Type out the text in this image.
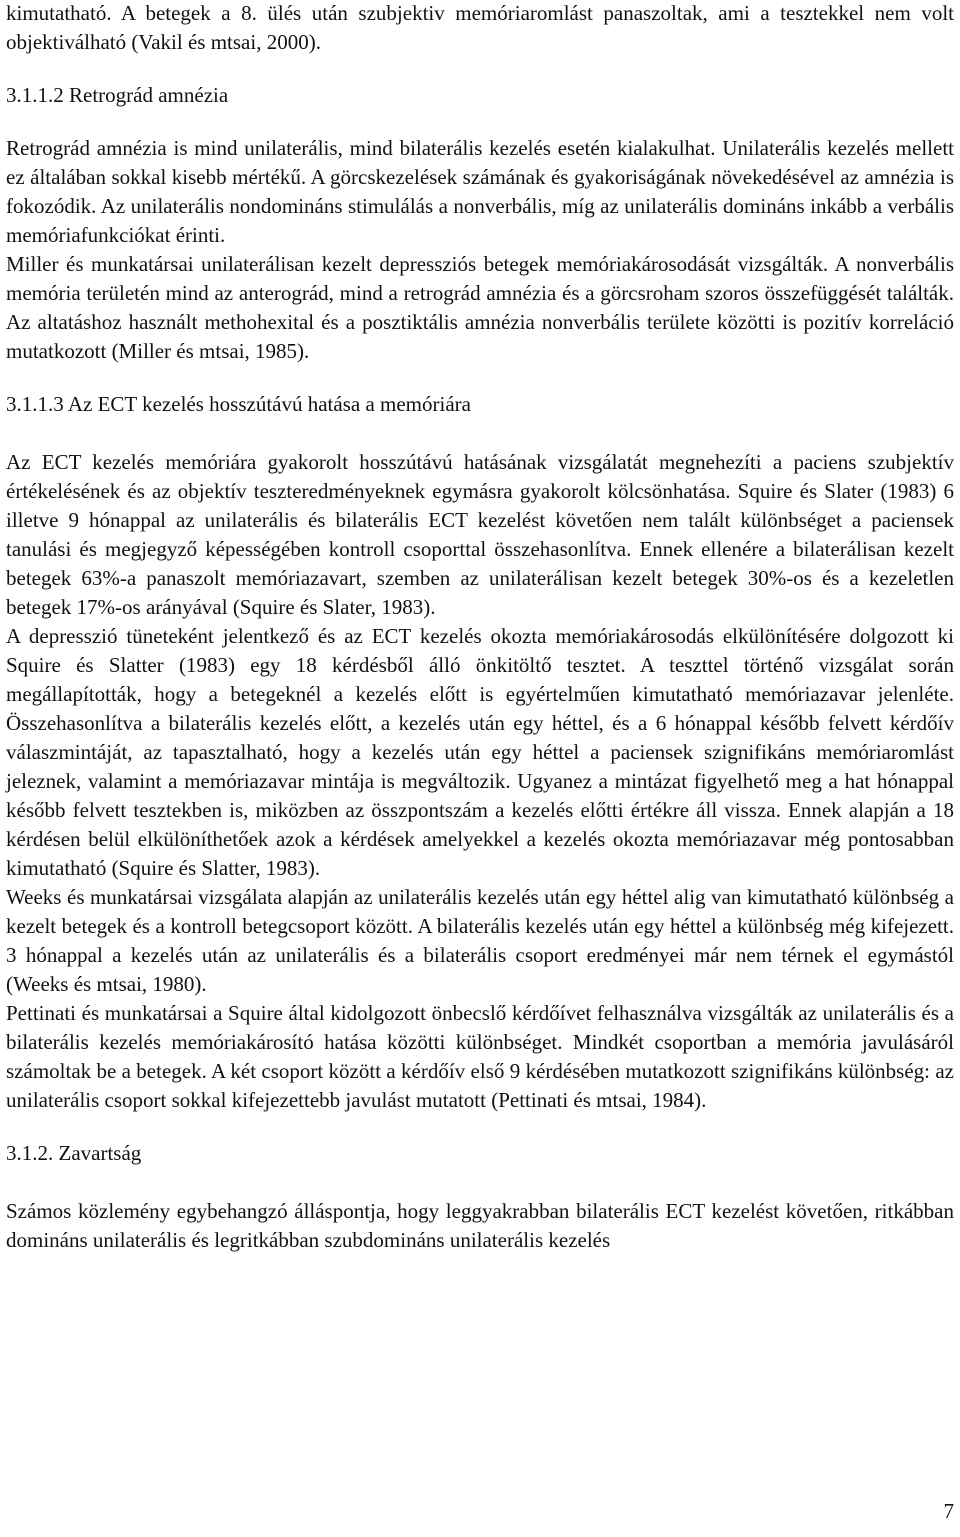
kimutatható. A betegek a 8. ülés után szubjektiv memóriaromlást panaszoltak, ami a tesztekkel nem volt objektiválható (Vakil és mtsai, 2000).

3.1.1.2 Retrográd amnézia

Retrográd amnézia is mind unilaterális, mind bilaterális kezelés esetén kialakulhat. Unilaterális kezelés mellett ez általában sokkal kisebb mértékű. A görcskezelések számának és gyakoriságának növekedésével az amnézia is fokozódik. Az unilaterális nondomináns stimulálás a nonverbális, míg az unilaterális domináns inkább a verbális memóriafunkciókat érinti.

Miller és munkatársai unilaterálisan kezelt depressziós betegek memóriakárosodását vizsgálták. A nonverbális memória területén mind az anterográd, mind a retrográd amnézia és a görcsroham szoros összefüggését találták. Az altatáshoz használt methohexital és a posztiktális amnézia nonverbális területe közötti is pozitív korreláció mutatkozott (Miller és mtsai, 1985).

3.1.1.3 Az ECT kezelés hosszútávú hatása a memóriára

Az ECT kezelés memóriára gyakorolt hosszútávú hatásának vizsgálatát megnehezíti a paciens szubjektív értékelésének és az objektív teszteredményeknek egymásra gyakorolt kölcsönhatása. Squire és Slater (1983) 6 illetve 9 hónappal az unilaterális és bilaterális ECT kezelést követően nem talált különbséget a paciensek tanulási és megjegyző képességében kontroll csoporttal összehasonlítva. Ennek ellenére a bilaterálisan kezelt betegek 63%-a panaszolt memóriazavart, szemben az unilaterálisan kezelt betegek 30%-os és a kezeletlen betegek 17%-os arányával (Squire és Slater, 1983).

A depresszió tüneteként jelentkező és az ECT kezelés okozta memóriakárosodás elkülönítésére dolgozott ki Squire és Slatter (1983) egy 18 kérdésből álló önkitöltő tesztet. A teszttel történő vizsgálat során megállapították, hogy a betegeknél a kezelés előtt is egyértelműen kimutatható memóriazavar jelenléte. Összehasonlítva a bilaterális kezelés előtt, a kezelés után egy héttel, és a 6 hónappal később felvett kérdőív válaszmintáját, az tapasztalható, hogy a kezelés után egy héttel a paciensek szignifikáns memóriaromlást jeleznek, valamint a memóriazavar mintája is megváltozik. Ugyanez a mintázat figyelhető meg a hat hónappal később felvett tesztekben is, miközben az összpontszám a kezelés előtti értékre áll vissza. Ennek alapján a 18 kérdésen belül elkülöníthetőek azok a kérdések amelyekkel a kezelés okozta memóriazavar még pontosabban kimutatható (Squire és Slatter, 1983).

Weeks és munkatársai vizsgálata alapján az unilaterális kezelés után egy héttel alig van kimutatható különbség a kezelt betegek és a kontroll betegcsoport között. A bilaterális kezelés után egy héttel a különbség még kifejezett. 3 hónappal a kezelés után az unilaterális és a bilaterális csoport eredményei már nem térnek el egymástól (Weeks és mtsai, 1980).

Pettinati és munkatársai a Squire által kidolgozott önbecslő kérdőívet felhasználva vizsgálták az unilaterális és a bilaterális kezelés memóriakárosító hatása közötti különbséget. Mindkét csoportban a memória javulásáról számoltak be a betegek. A két csoport között a kérdőív első 9 kérdésében mutatkozott szignifikáns különbség: az unilaterális csoport sokkal kifejezettebb javulást mutatott (Pettinati és mtsai, 1984).

3.1.2. Zavartság

Számos közlemény egybehangzó álláspontja, hogy leggyakrabban bilaterális ECT kezelést követően, ritkábban domináns unilaterális és legritkábban szubdomináns unilaterális kezelés

7
